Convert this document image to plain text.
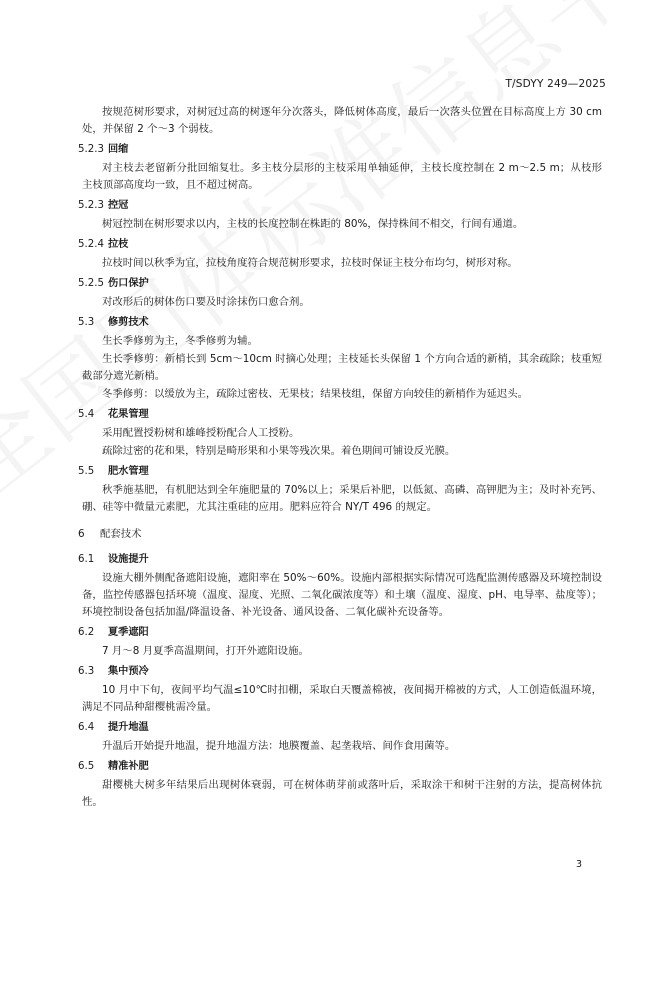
T/SDYY 249—2025

按规范树形要求，对树冠过高的树逐年分次落头，降低树体高度，最后一次落头位置在目标高度上方 30 cm 处，并保留 2 个～3 个弱枝。

5.2.3 回缩

对主枝去老留新分批回缩复壮。多主枝分层形的主枝采用单轴延伸，主枝长度控制在 2 m～2.5 m；从枝形主枝顶部高度均一致，且不超过树高。

5.2.3 控冠

树冠控制在树形要求以内，主枝的长度控制在株距的 80%，保持株间不相交，行间有通道。

5.2.4 拉枝

拉枝时间以秋季为宜，拉枝角度符合规范树形要求，拉枝时保证主枝分布均匀，树形对称。

5.2.5 伤口保护

对改形后的树体伤口要及时涂抹伤口愈合剂。

5.3 修剪技术

生长季修剪为主，冬季修剪为辅。

生长季修剪：新梢长到 5cm～10cm 时摘心处理；主枝延长头保留 1 个方向合适的新梢，其余疏除；枝重短截部分遮光新梢。

冬季修剪：以缓放为主，疏除过密枝、无果枝；结果枝组，保留方向较佳的新梢作为延迟头。

5.4 花果管理

采用配置授粉树和雄峰授粉配合人工授粉。

疏除过密的花和果，特别是畸形果和小果等残次果。着色期间可铺设反光膜。

5.5 肥水管理

秋季施基肥，有机肥达到全年施肥量的 70%以上；采果后补肥，以低氮、高磷、高钾肥为主；及时补充钙、硼、硅等中微量元素肥，尤其注重硅的应用。肥料应符合 NY/T 496 的规定。

6 配套技术
6.1 设施提升

设施大棚外侧配备遮阳设施，遮阳率在 50%～60%。设施内部根据实际情况可选配监测传感器及环境控制设备，监控传感器包括环境（温度、湿度、光照、二氧化碳浓度等）和土壤（温度、湿度、pH、电导率、盐度等）；环境控制设备包括加温/降温设备、补光设备、通风设备、二氧化碳补充设备等。

6.2 夏季遮阳

7 月～8 月夏季高温期间，打开外遮阳设施。

6.3 集中预冷

10 月中下旬，夜间平均气温≤10℃时扣棚，采取白天覆盖棉被，夜间揭开棉被的方式，人工创造低温环境，满足不同品种甜樱桃需冷量。

6.4 提升地温

升温后开始提升地温，提升地温方法：地膜覆盖、起垄栽培、间作食用菌等。

6.5 精准补肥

甜樱桃大树多年结果后出现树体衰弱，可在树体萌芽前或落叶后，采取涂干和树干注射的方法，提高树体抗性。

3
